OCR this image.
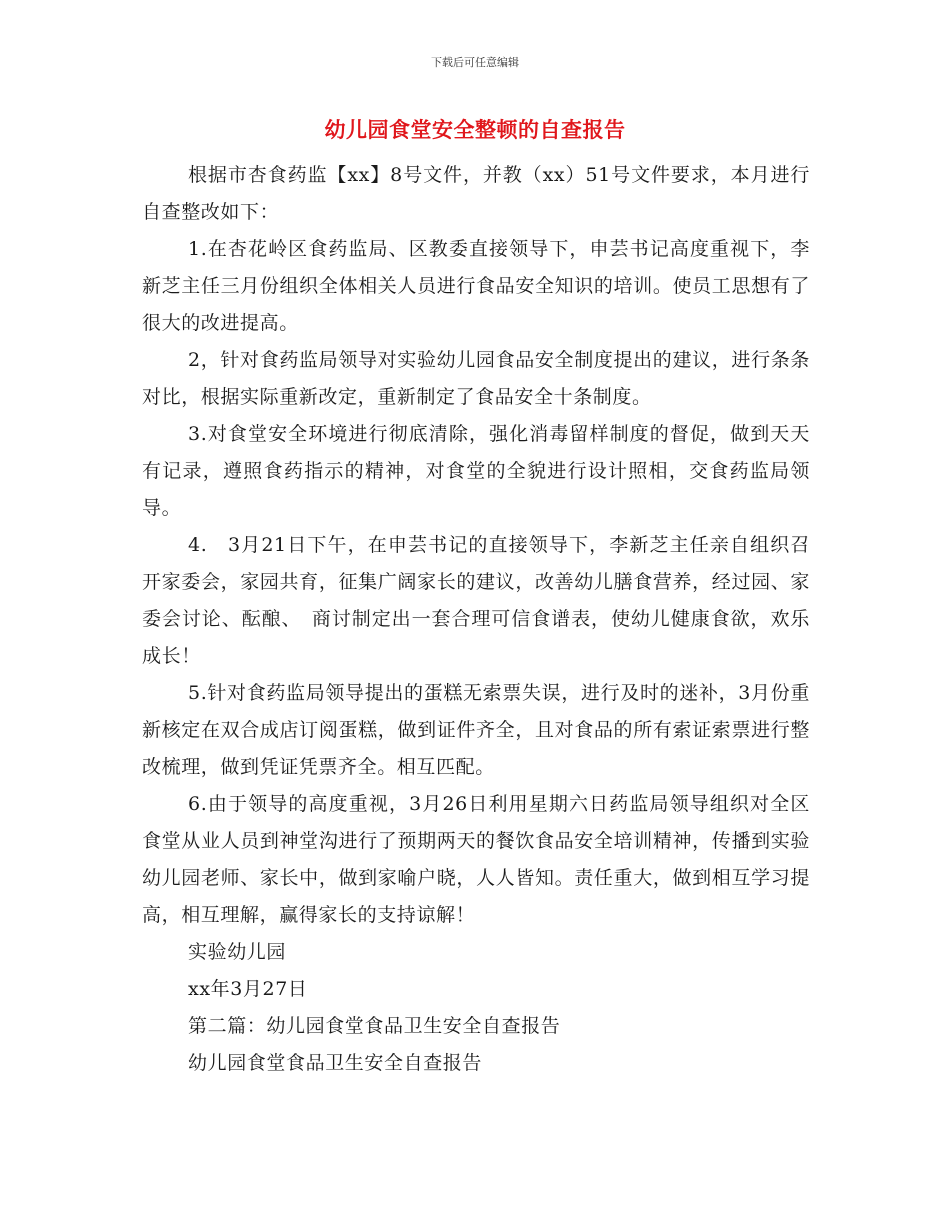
下载后可任意编辑
幼儿园食堂安全整顿的自查报告

根据市杏食药监【xx】8号文件，并教（xx）51号文件要求，本月进行自查整改如下：

1.在杏花岭区食药监局、区教委直接领导下，申芸书记高度重视下，李新芝主任三月份组织全体相关人员进行食品安全知识的培训。使员工思想有了很大的改进提高。

2，针对食药监局领导对实验幼儿园食品安全制度提出的建议，进行条条对比，根据实际重新改定，重新制定了食品安全十条制度。

3.对食堂安全环境进行彻底清除，强化消毒留样制度的督促，做到天天有记录，遵照食药指示的精神，对食堂的全貌进行设计照相，交食药监局领导。

4.　3月21日下午，在申芸书记的直接领导下，李新芝主任亲自组织召开家委会，家园共育，征集广阔家长的建议，改善幼儿膳食营养，经过园、家委会讨论、酝酿、　商讨制定出一套合理可信食谱表，使幼儿健康食欲，欢乐成长！

5.针对食药监局领导提出的蛋糕无索票失误，进行及时的迷补，3月份重新核定在双合成店订阅蛋糕，做到证件齐全，且对食品的所有索证索票进行整改梳理，做到凭证凭票齐全。相互匹配。

6.由于领导的高度重视，3月26日利用星期六日药监局领导组织对全区食堂从业人员到神堂沟进行了预期两天的餐饮食品安全培训精神，传播到实验幼儿园老师、家长中，做到家喻户晓，人人皆知。责任重大，做到相互学习提高，相互理解，赢得家长的支持谅解！

实验幼儿园

xx年3月27日

第二篇：幼儿园食堂食品卫生安全自查报告

幼儿园食堂食品卫生安全自查报告
